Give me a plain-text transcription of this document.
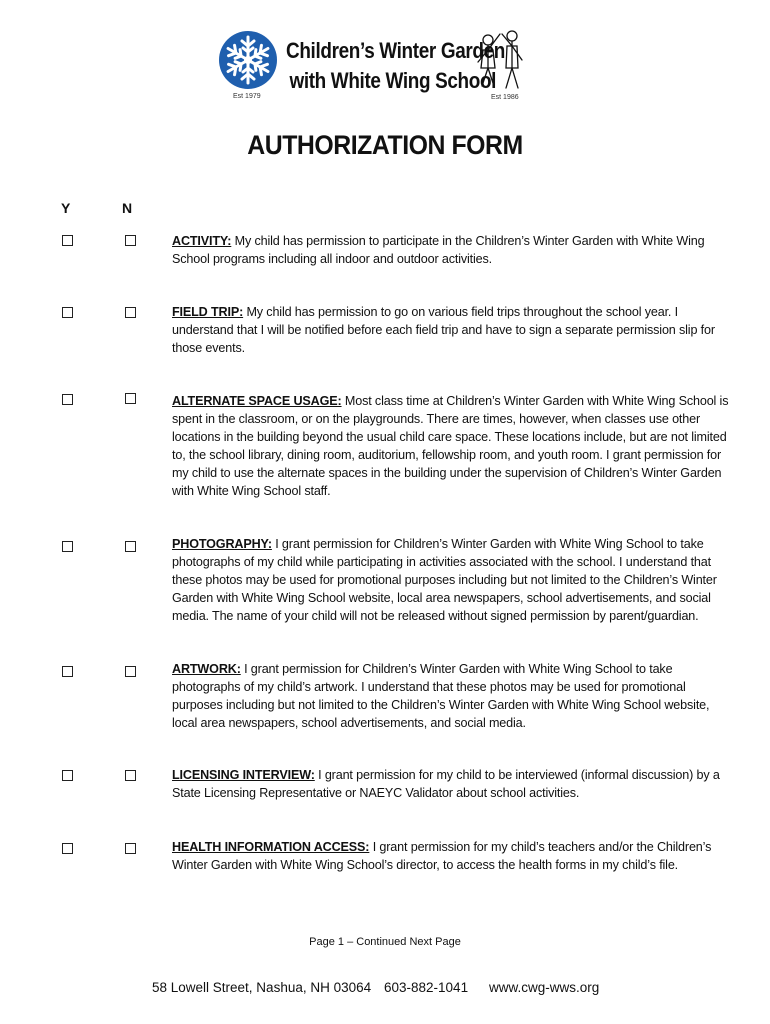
Est 1979
Children’s Winter Garden
with White Wing School
Est 1986
AUTHORIZATION FORM
Y	N
ACTIVITY: My child has permission to participate in the Children’s Winter Garden with White Wing School programs including all indoor and outdoor activities.
FIELD TRIP: My child has permission to go on various field trips throughout the school year. I understand that I will be notified before each field trip and have to sign a separate permission slip for those events.
ALTERNATE SPACE USAGE: Most class time at Children’s Winter Garden with White Wing School is spent in the classroom, or on the playgrounds. There are times, however, when classes use other locations in the building beyond the usual child care space. These locations include, but are not limited to, the school library, dining room, auditorium, fellowship room, and youth room. I grant permission for my child to use the alternate spaces in the building under the supervision of Children’s Winter Garden with White Wing School staff.
PHOTOGRAPHY: I grant permission for Children’s Winter Garden with White Wing School to take photographs of my child while participating in activities associated with the school. I understand that these photos may be used for promotional purposes including but not limited to the Children’s Winter Garden with White Wing School website, local area newspapers, school advertisements, and social media. The name of your child will not be released without signed permission by parent/guardian.
ARTWORK: I grant permission for Children’s Winter Garden with White Wing School to take photographs of my child’s artwork. I understand that these photos may be used for promotional purposes including but not limited to the Children’s Winter Garden with White Wing School website, local area newspapers, school advertisements, and social media.
LICENSING INTERVIEW: I grant permission for my child to be interviewed (informal discussion) by a State Licensing Representative or NAEYC Validator about school activities.
HEALTH INFORMATION ACCESS: I grant permission for my child’s teachers and/or the Children’s Winter Garden with White Wing School’s director, to access the health forms in my child’s file.
Page 1 – Continued Next Page
58 Lowell Street, Nashua, NH 03064 603-882-1041 www.cwg-wws.org
